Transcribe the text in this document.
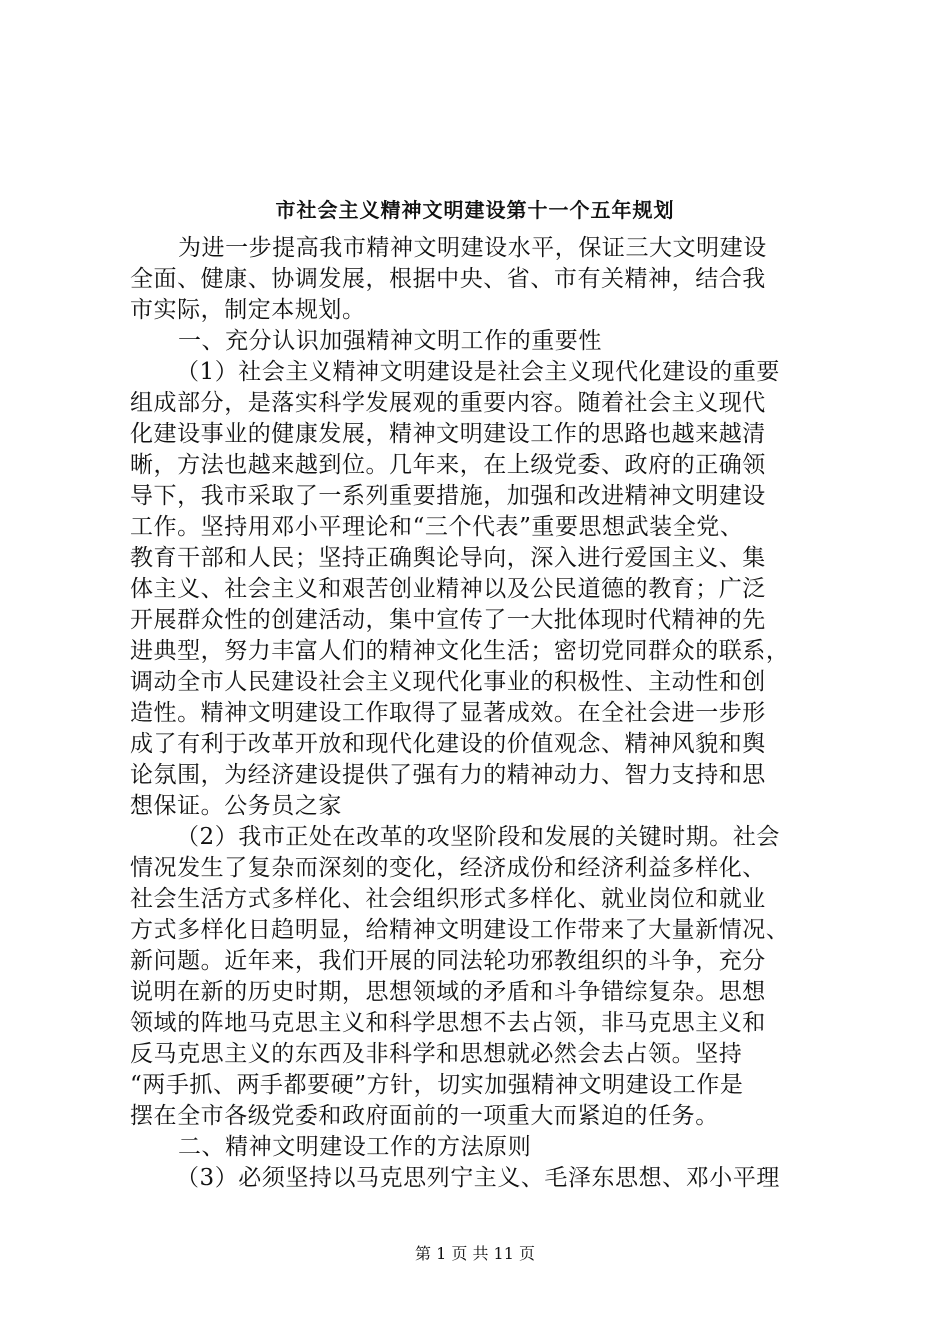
市社会主义精神文明建设第十一个五年规划
为进一步提高我市精神文明建设水平，保证三大文明建设
全面、健康、协调发展，根据中央、省、市有关精神，结合我
市实际，制定本规划。
一、充分认识加强精神文明工作的重要性
（1）社会主义精神文明建设是社会主义现代化建设的重要
组成部分，是落实科学发展观的重要内容。随着社会主义现代
化建设事业的健康发展，精神文明建设工作的思路也越来越清
晰，方法也越来越到位。几年来，在上级党委、政府的正确领
导下，我市采取了一系列重要措施，加强和改进精神文明建设
工作。坚持用邓小平理论和“三个代表”重要思想武装全党、
教育干部和人民；坚持正确舆论导向，深入进行爱国主义、集
体主义、社会主义和艰苦创业精神以及公民道德的教育；广泛
开展群众性的创建活动，集中宣传了一大批体现时代精神的先
进典型，努力丰富人们的精神文化生活；密切党同群众的联系，
调动全市人民建设社会主义现代化事业的积极性、主动性和创
造性。精神文明建设工作取得了显著成效。在全社会进一步形
成了有利于改革开放和现代化建设的价值观念、精神风貌和舆
论氛围，为经济建设提供了强有力的精神动力、智力支持和思
想保证。公务员之家
（2）我市正处在改革的攻坚阶段和发展的关键时期。社会
情况发生了复杂而深刻的变化，经济成份和经济利益多样化、
社会生活方式多样化、社会组织形式多样化、就业岗位和就业
方式多样化日趋明显，给精神文明建设工作带来了大量新情况、
新问题。近年来，我们开展的同法轮功邪教组织的斗争，充分
说明在新的历史时期，思想领域的矛盾和斗争错综复杂。思想
领域的阵地马克思主义和科学思想不去占领，非马克思主义和
反马克思主义的东西及非科学和思想就必然会去占领。坚持
“两手抓、两手都要硬”方针，切实加强精神文明建设工作是
摆在全市各级党委和政府面前的一项重大而紧迫的任务。
二、精神文明建设工作的方法原则
（3）必须坚持以马克思列宁主义、毛泽东思想、邓小平理
第 1 页 共 11 页
